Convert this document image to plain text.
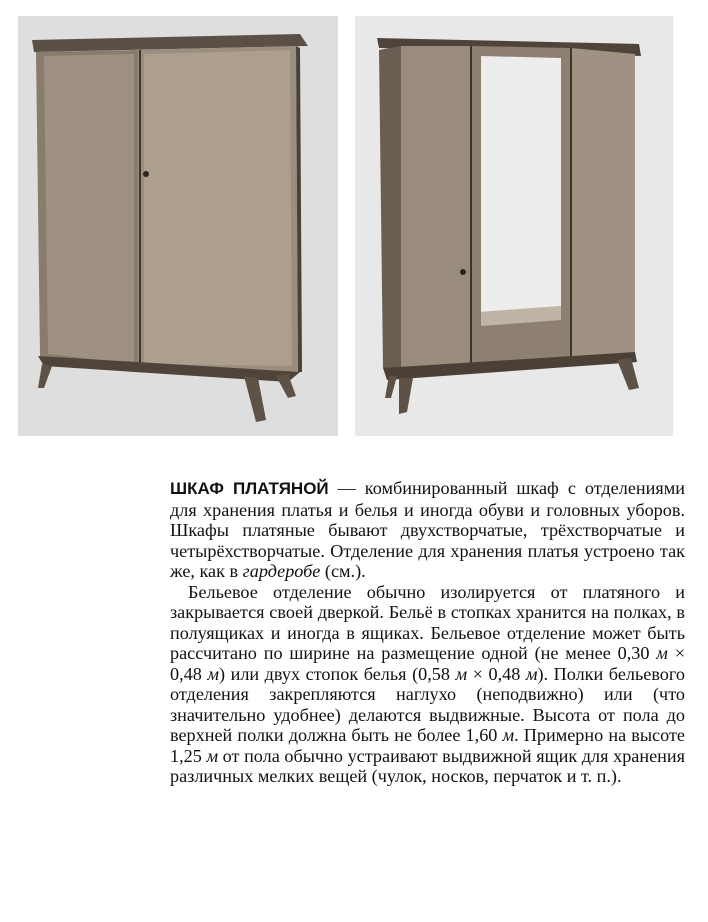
ШКАФ ПЛАТЯНОЙ — комбинированный шкаф с отделениями для хранения платья и белья и иногда обуви и головных уборов. Шкафы платяные бывают двухстворчатые, трёхстворчатые и четырёхстворчатые. Отделение для хранения платья устроено так же, как в гардеробе (см.).

Бельевое отделение обычно изолируется от платяного и закрывается своей дверкой. Бельё в стопках хранится на полках, в полуящиках и иногда в ящиках. Бельевое отделение может быть рассчитано по ширине на размещение одной (не менее 0,30 м × 0,48 м) или двух стопок белья (0,58 м × 0,48 м). Полки бельевого отделения закрепляются наглухо (неподвижно) или (что значительно удобнее) делаются выдвижные. Высота от пола до верхней полки должна быть не более 1,60 м. Примерно на высоте 1,25 м от пола обычно устраивают выдвижной ящик для хранения различных мелких вещей (чулок, носков, перчаток и т. п.).
